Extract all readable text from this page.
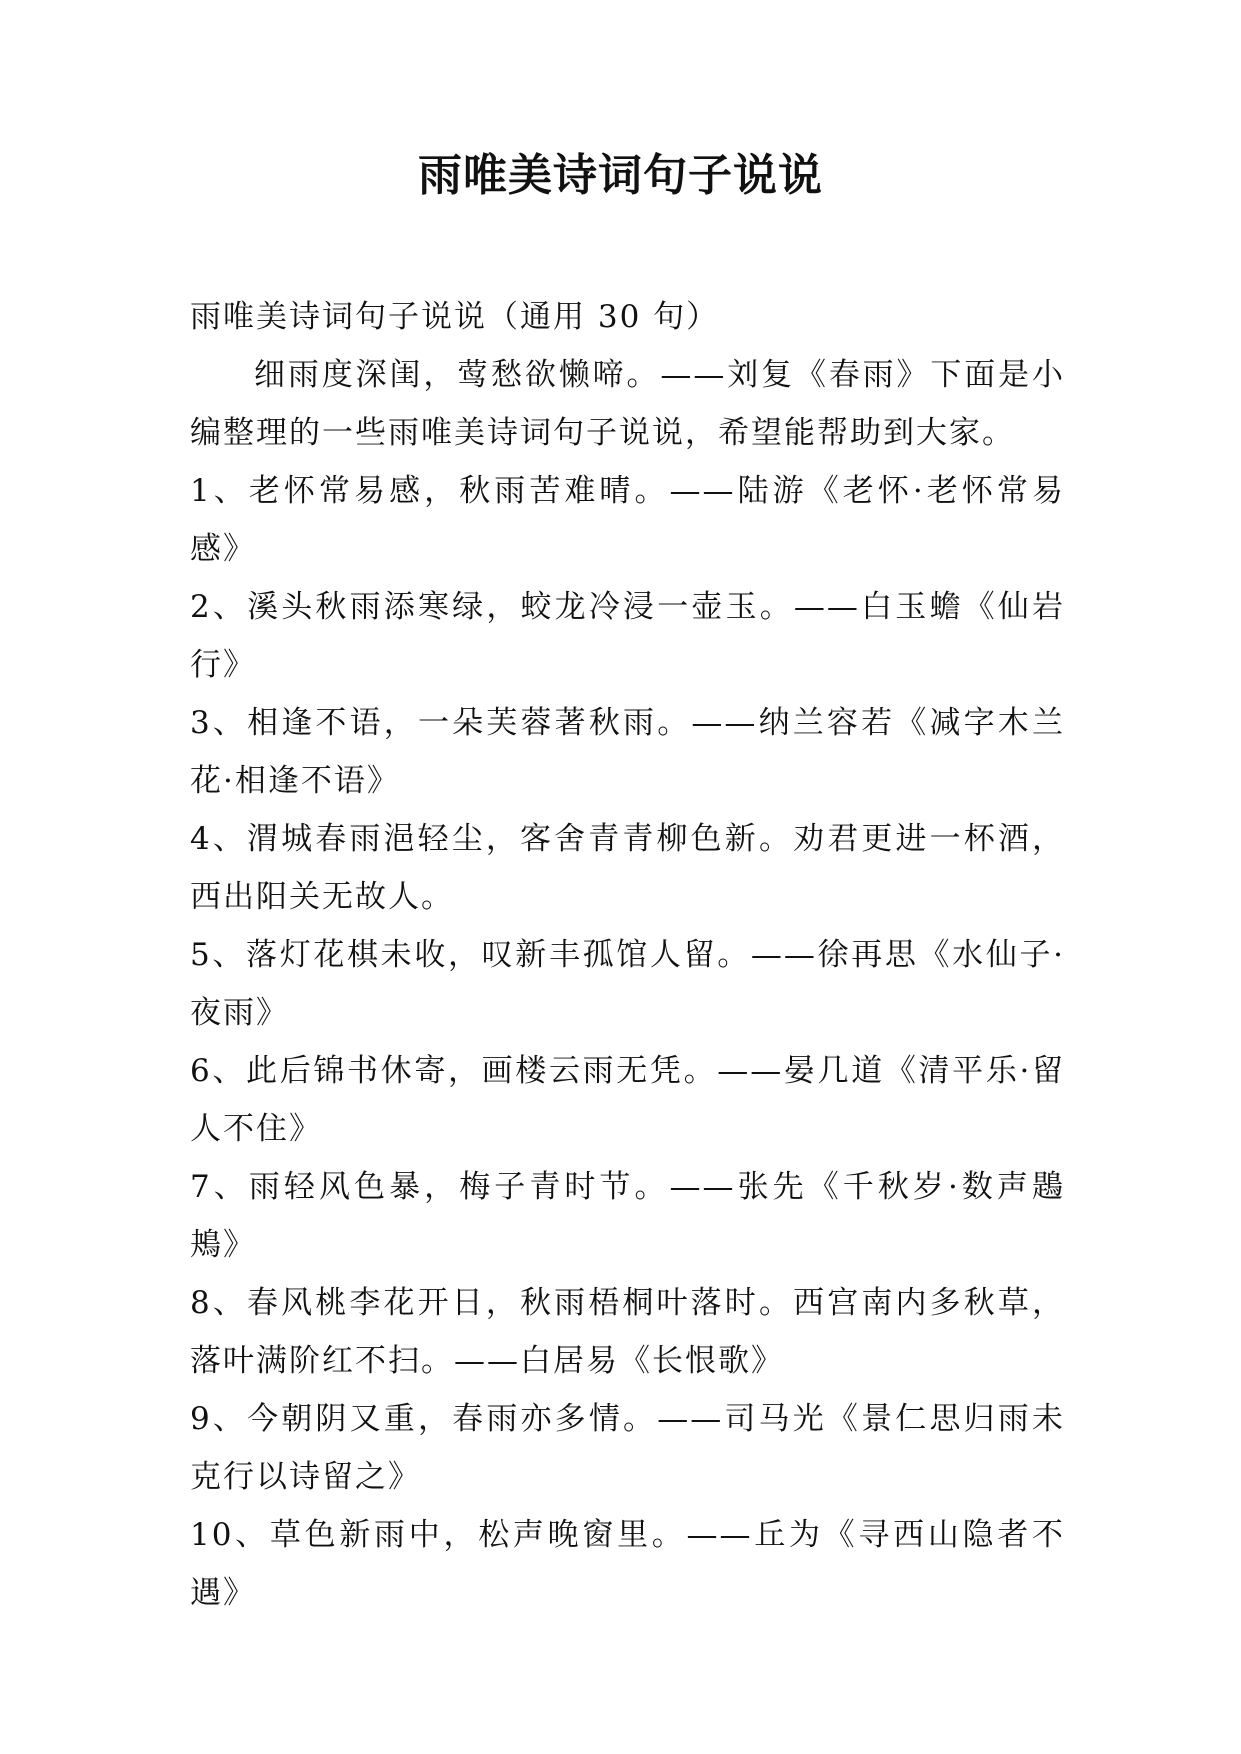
雨唯美诗词句子说说

雨唯美诗词句子说说（通用 30 句）

细雨度深闺，莺愁欲懒啼。——刘复《春雨》下面是小编整理的一些雨唯美诗词句子说说，希望能帮助到大家。

1、老怀常易感，秋雨苦难晴。——陆游《老怀·老怀常易感》

2、溪头秋雨添寒绿，蛟龙冷浸一壶玉。——白玉蟾《仙岩行》

3、相逢不语，一朵芙蓉著秋雨。——纳兰容若《减字木兰花·相逢不语》

4、渭城春雨浥轻尘，客舍青青柳色新。劝君更进一杯酒，西出阳关无故人。

5、落灯花棋未收，叹新丰孤馆人留。——徐再思《水仙子·夜雨》

6、此后锦书休寄，画楼云雨无凭。——晏几道《清平乐·留人不住》

7、雨轻风色暴，梅子青时节。——张先《千秋岁·数声鶗鴂》

8、春风桃李花开日，秋雨梧桐叶落时。西宫南内多秋草，落叶满阶红不扫。——白居易《长恨歌》

9、今朝阴又重，春雨亦多情。——司马光《景仁思归雨未克行以诗留之》

10、草色新雨中，松声晚窗里。——丘为《寻西山隐者不遇》
